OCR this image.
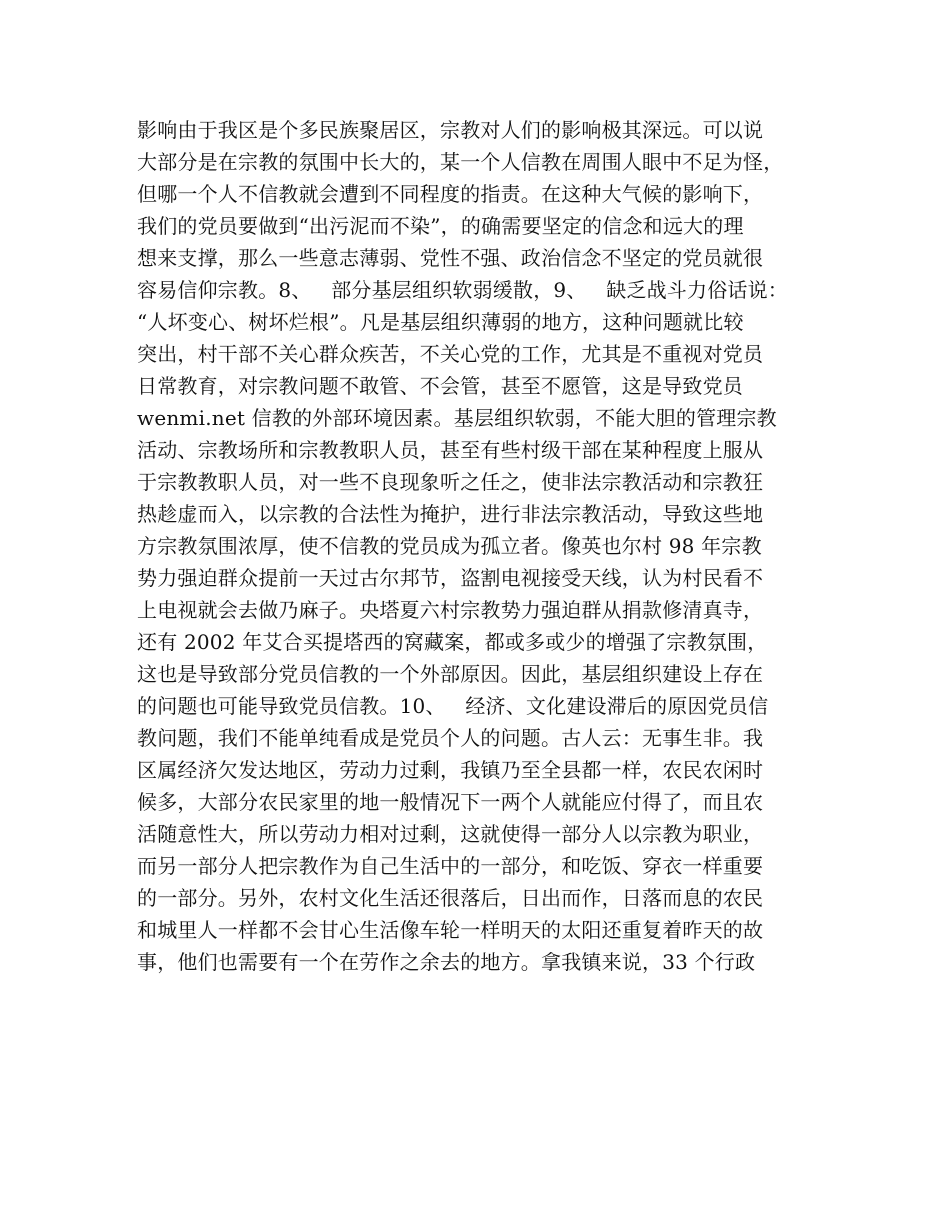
影响由于我区是个多民族聚居区，宗教对人们的影响极其深远。可以说
大部分是在宗教的氛围中长大的，某一个人信教在周围人眼中不足为怪，
但哪一个人不信教就会遭到不同程度的指责。在这种大气候的影响下，
我们的党员要做到“出污泥而不染”，的确需要坚定的信念和远大的理
想来支撑，那么一些意志薄弱、党性不强、政治信念不坚定的党员就很
容易信仰宗教。8、   部分基层组织软弱缓散，9、   缺乏战斗力俗话说：
“人坏变心、树坏烂根”。凡是基层组织薄弱的地方，这种问题就比较
突出，村干部不关心群众疾苦，不关心党的工作，尤其是不重视对党员
日常教育，对宗教问题不敢管、不会管，甚至不愿管，这是导致党员
wenmi.net 信教的外部环境因素。基层组织软弱，不能大胆的管理宗教
活动、宗教场所和宗教教职人员，甚至有些村级干部在某种程度上服从
于宗教教职人员，对一些不良现象听之任之，使非法宗教活动和宗教狂
热趁虚而入，以宗教的合法性为掩护，进行非法宗教活动，导致这些地
方宗教氛围浓厚，使不信教的党员成为孤立者。像英也尔村 98 年宗教
势力强迫群众提前一天过古尔邦节，盗割电视接受天线，认为村民看不
上电视就会去做乃麻子。央塔夏六村宗教势力强迫群从捐款修清真寺，
还有 2002 年艾合买提塔西的窝藏案，都或多或少的增强了宗教氛围，
这也是导致部分党员信教的一个外部原因。因此，基层组织建设上存在
的问题也可能导致党员信教。10、   经济、文化建设滞后的原因党员信
教问题，我们不能单纯看成是党员个人的问题。古人云：无事生非。我
区属经济欠发达地区，劳动力过剩，我镇乃至全县都一样，农民农闲时
候多，大部分农民家里的地一般情况下一两个人就能应付得了，而且农
活随意性大，所以劳动力相对过剩，这就使得一部分人以宗教为职业，
而另一部分人把宗教作为自己生活中的一部分，和吃饭、穿衣一样重要
的一部分。另外，农村文化生活还很落后，日出而作，日落而息的农民
和城里人一样都不会甘心生活像车轮一样明天的太阳还重复着昨天的故
事，他们也需要有一个在劳作之余去的地方。拿我镇来说，33 个行政
